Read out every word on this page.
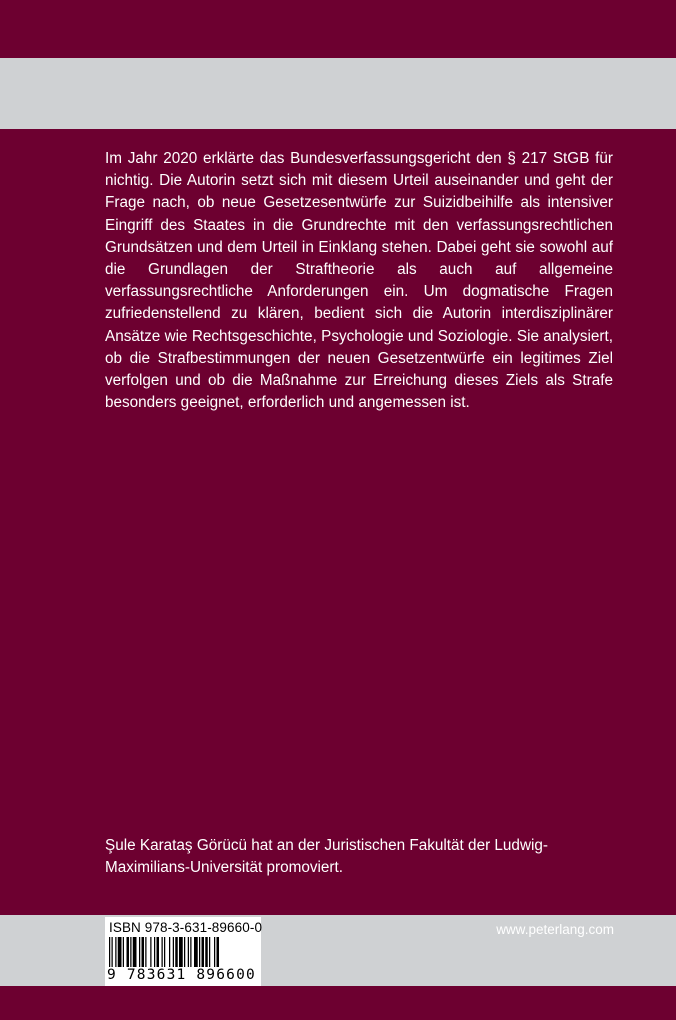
Im Jahr 2020 erklärte das Bundesverfassungsgericht den § 217 StGB für nichtig. Die Autorin setzt sich mit diesem Urteil auseinander und geht der Frage nach, ob neue Gesetzesentwürfe zur Suizidbeihilfe als intensiver Eingriff des Staates in die Grundrechte mit den verfassungsrechtlichen Grundsätzen und dem Urteil in Einklang stehen. Dabei geht sie sowohl auf die Grundlagen der Straftheorie als auch auf allgemeine verfassungsrechtliche Anforderungen ein. Um dogmatische Fragen zufriedenstellend zu klären, bedient sich die Autorin interdisziplinärer Ansätze wie Rechtsgeschichte, Psychologie und Soziologie. Sie analysiert, ob die Strafbestimmungen der neuen Gesetzentwürfe ein legitimes Ziel verfolgen und ob die Maßnahme zur Erreichung dieses Ziels als Strafe besonders geeignet, erforderlich und angemessen ist.

Şule Karataş Görücü hat an der Juristischen Fakultät der Ludwig-Maximilians-Universität promoviert.

ISBN 978-3-631-89660-0
9 783631 896600
www.peterlang.com
